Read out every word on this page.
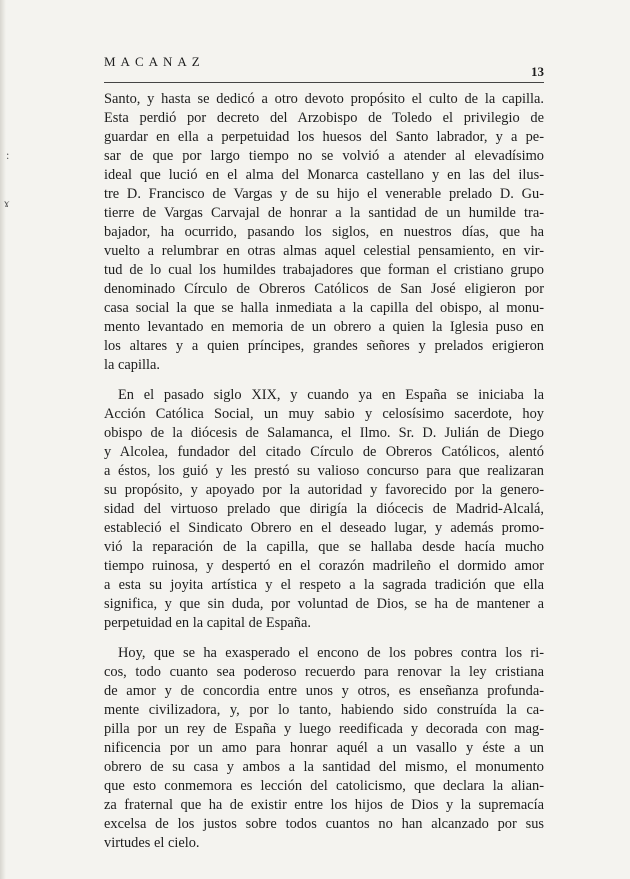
:
ɤ
MACANAZ
13
Santo, y hasta se dedicó a otro devoto propósito el culto de la capilla.
Esta perdió por decreto del Arzobispo de Toledo el privilegio de
guardar en ella a perpetuidad los huesos del Santo labrador, y a pe-
sar de que por largo tiempo no se volvió a atender al elevadísimo
ideal que lució en el alma del Monarca castellano y en las del ilus-
tre D. Francisco de Vargas y de su hijo el venerable prelado D. Gu-
tierre de Vargas Carvajal de honrar a la santidad de un humilde tra-
bajador, ha ocurrido, pasando los siglos, en nuestros días, que ha
vuelto a relumbrar en otras almas aquel celestial pensamiento, en vir-
tud de lo cual los humildes trabajadores que forman el cristiano grupo
denominado Círculo de Obreros Católicos de San José eligieron por
casa social la que se halla inmediata a la capilla del obispo, al monu-
mento levantado en memoria de un obrero a quien la Iglesia puso en
los altares y a quien príncipes, grandes señores y prelados erigieron
la capilla.
En el pasado siglo XIX, y cuando ya en España se iniciaba la
Acción Católica Social, un muy sabio y celosísimo sacerdote, hoy
obispo de la diócesis de Salamanca, el Ilmo. Sr. D. Julián de Diego
y Alcolea, fundador del citado Círculo de Obreros Católicos, alentó
a éstos, los guió y les prestó su valioso concurso para que realizaran
su propósito, y apoyado por la autoridad y favorecido por la genero-
sidad del virtuoso prelado que dirigía la diócecis de Madrid-Alcalá,
estableció el Sindicato Obrero en el deseado lugar, y además promo-
vió la reparación de la capilla, que se hallaba desde hacía mucho
tiempo ruinosa, y despertó en el corazón madrileño el dormido amor
a esta su joyita artística y el respeto a la sagrada tradición que ella
significa, y que sin duda, por voluntad de Dios, se ha de mantener a
perpetuidad en la capital de España.
Hoy, que se ha exasperado el encono de los pobres contra los ri-
cos, todo cuanto sea poderoso recuerdo para renovar la ley cristiana
de amor y de concordia entre unos y otros, es enseñanza profunda-
mente civilizadora, y, por lo tanto, habiendo sido construída la ca-
pilla por un rey de España y luego reedificada y decorada con mag-
nificencia por un amo para honrar aquél a un vasallo y éste a un
obrero de su casa y ambos a la santidad del mismo, el monumento
que esto conmemora es lección del catolicismo, que declara la alian-
za fraternal que ha de existir entre los hijos de Dios y la supremacía
excelsa de los justos sobre todos cuantos no han alcanzado por sus
virtudes el cielo.
